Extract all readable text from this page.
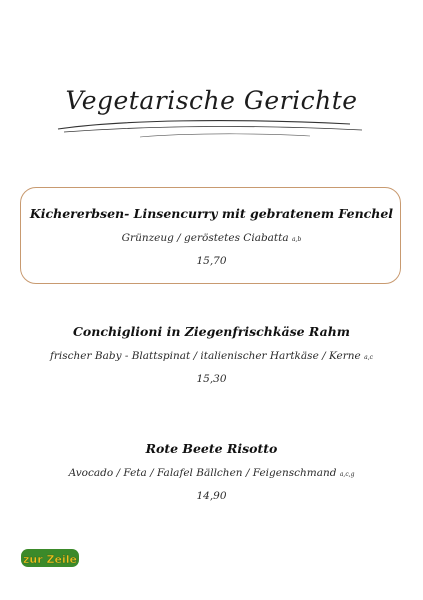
Vegetarische Gerichte
Kichererbsen- Linsencurry mit gebratenem Fenchel
Grünzeug / geröstetes Ciabatta a,b
15,70
Conchiglioni in Ziegenfrischkäse Rahm
frischer Baby - Blattspinat / italienischer Hartkäse / Kerne a,c
15,30
Rote Beete Risotto
Avocado / Feta / Falafel Bällchen / Feigenschmand a,c,g
14,90
zur Zeile
